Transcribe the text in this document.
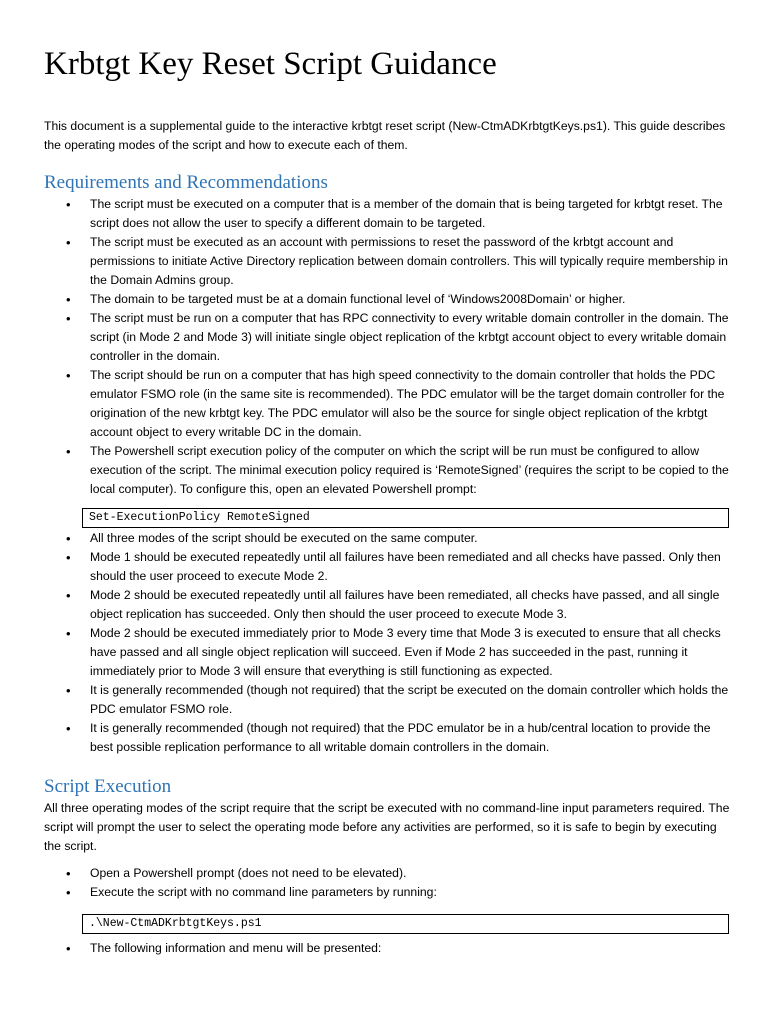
Krbtgt Key Reset Script Guidance

This document is a supplemental guide to the interactive krbtgt reset script (New-CtmADKrbtgtKeys.ps1). This guide describes the operating modes of the script and how to execute each of them.

Requirements and Recommendations
• The script must be executed on a computer that is a member of the domain that is being targeted for krbtgt reset. The script does not allow the user to specify a different domain to be targeted.
• The script must be executed as an account with permissions to reset the password of the krbtgt account and permissions to initiate Active Directory replication between domain controllers. This will typically require membership in the Domain Admins group.
• The domain to be targeted must be at a domain functional level of ‘Windows2008Domain’ or higher.
• The script must be run on a computer that has RPC connectivity to every writable domain controller in the domain. The script (in Mode 2 and Mode 3) will initiate single object replication of the krbtgt account object to every writable domain controller in the domain.
• The script should be run on a computer that has high speed connectivity to the domain controller that holds the PDC emulator FSMO role (in the same site is recommended). The PDC emulator will be the target domain controller for the origination of the new krbtgt key. The PDC emulator will also be the source for single object replication of the krbtgt account object to every writable DC in the domain.
• The Powershell script execution policy of the computer on which the script will be run must be configured to allow execution of the script. The minimal execution policy required is ‘RemoteSigned’ (requires the script to be copied to the local computer). To configure this, open an elevated Powershell prompt:
Set-ExecutionPolicy RemoteSigned
• All three modes of the script should be executed on the same computer.
• Mode 1 should be executed repeatedly until all failures have been remediated and all checks have passed. Only then should the user proceed to execute Mode 2.
• Mode 2 should be executed repeatedly until all failures have been remediated, all checks have passed, and all single object replication has succeeded. Only then should the user proceed to execute Mode 3.
• Mode 2 should be executed immediately prior to Mode 3 every time that Mode 3 is executed to ensure that all checks have passed and all single object replication will succeed. Even if Mode 2 has succeeded in the past, running it immediately prior to Mode 3 will ensure that everything is still functioning as expected.
• It is generally recommended (though not required) that the script be executed on the domain controller which holds the PDC emulator FSMO role.
• It is generally recommended (though not required) that the PDC emulator be in a hub/central location to provide the best possible replication performance to all writable domain controllers in the domain.
Script Execution

All three operating modes of the script require that the script be executed with no command-line input parameters required. The script will prompt the user to select the operating mode before any activities are performed, so it is safe to begin by executing the script.

• Open a Powershell prompt (does not need to be elevated).
• Execute the script with no command line parameters by running:
.\New-CtmADKrbtgtKeys.ps1
• The following information and menu will be presented:
